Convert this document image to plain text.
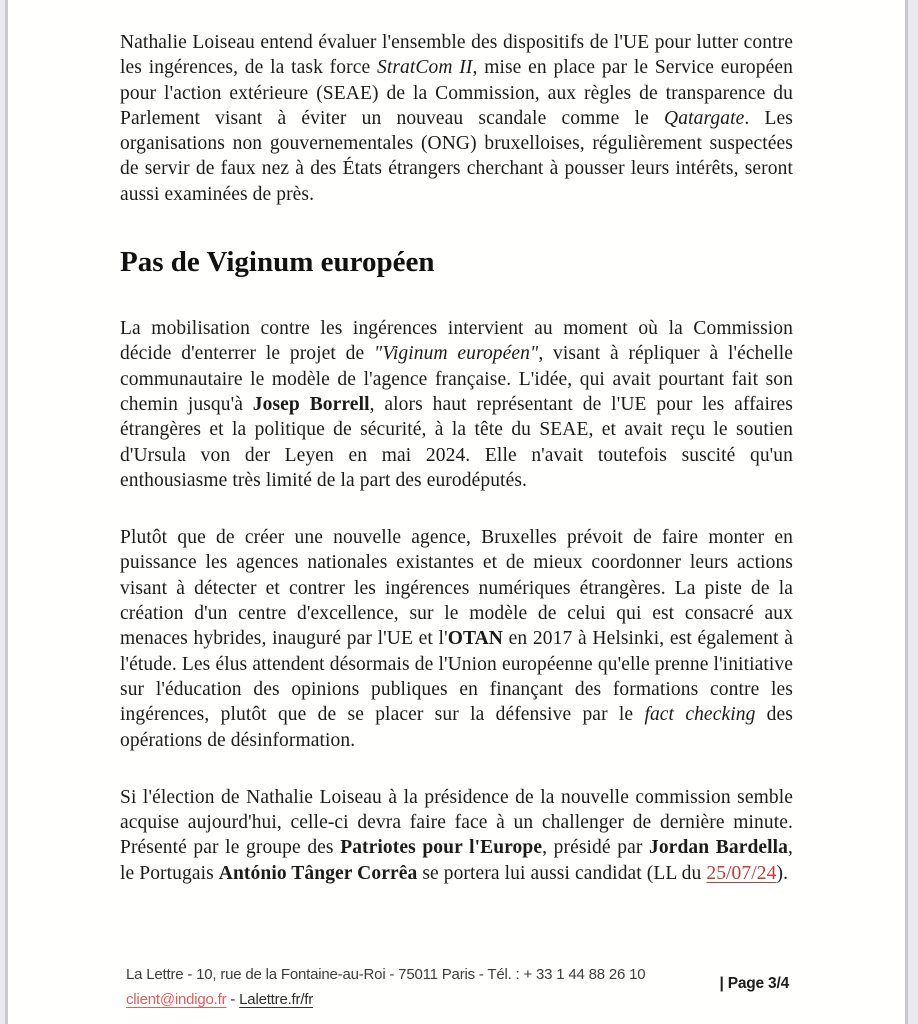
Nathalie Loiseau entend évaluer l'ensemble des dispositifs de l'UE pour lutter contre les ingérences, de la task force StratCom II, mise en place par le Service européen pour l'action extérieure (SEAE) de la Commission, aux règles de transparence du Parlement visant à éviter un nouveau scandale comme le Qatargate. Les organisations non gouvernementales (ONG) bruxelloises, régulièrement suspectées de servir de faux nez à des États étrangers cherchant à pousser leurs intérêts, seront aussi examinées de près.

Pas de Viginum européen

La mobilisation contre les ingérences intervient au moment où la Commission décide d'enterrer le projet de "Viginum européen", visant à répliquer à l'échelle communautaire le modèle de l'agence française. L'idée, qui avait pourtant fait son chemin jusqu'à Josep Borrell, alors haut représentant de l'UE pour les affaires étrangères et la politique de sécurité, à la tête du SEAE, et avait reçu le soutien d'Ursula von der Leyen en mai 2024. Elle n'avait toutefois suscité qu'un enthousiasme très limité de la part des eurodéputés.

Plutôt que de créer une nouvelle agence, Bruxelles prévoit de faire monter en puissance les agences nationales existantes et de mieux coordonner leurs actions visant à détecter et contrer les ingérences numériques étrangères. La piste de la création d'un centre d'excellence, sur le modèle de celui qui est consacré aux menaces hybrides, inauguré par l'UE et l'OTAN en 2017 à Helsinki, est également à l'étude. Les élus attendent désormais de l'Union européenne qu'elle prenne l'initiative sur l'éducation des opinions publiques en finançant des formations contre les ingérences, plutôt que de se placer sur la défensive par le fact checking des opérations de désinformation.

Si l'élection de Nathalie Loiseau à la présidence de la nouvelle commission semble acquise aujourd'hui, celle-ci devra faire face à un challenger de dernière minute. Présenté par le groupe des Patriotes pour l'Europe, présidé par Jordan Bardella, le Portugais António Tânger Corrêa se portera lui aussi candidat (LL du 25/07/24).

La Lettre - 10, rue de la Fontaine-au-Roi - 75011 Paris - Tél. : + 33 1 44 88 26 10
client@indigo.fr - Lalettre.fr/fr
| Page 3/4
